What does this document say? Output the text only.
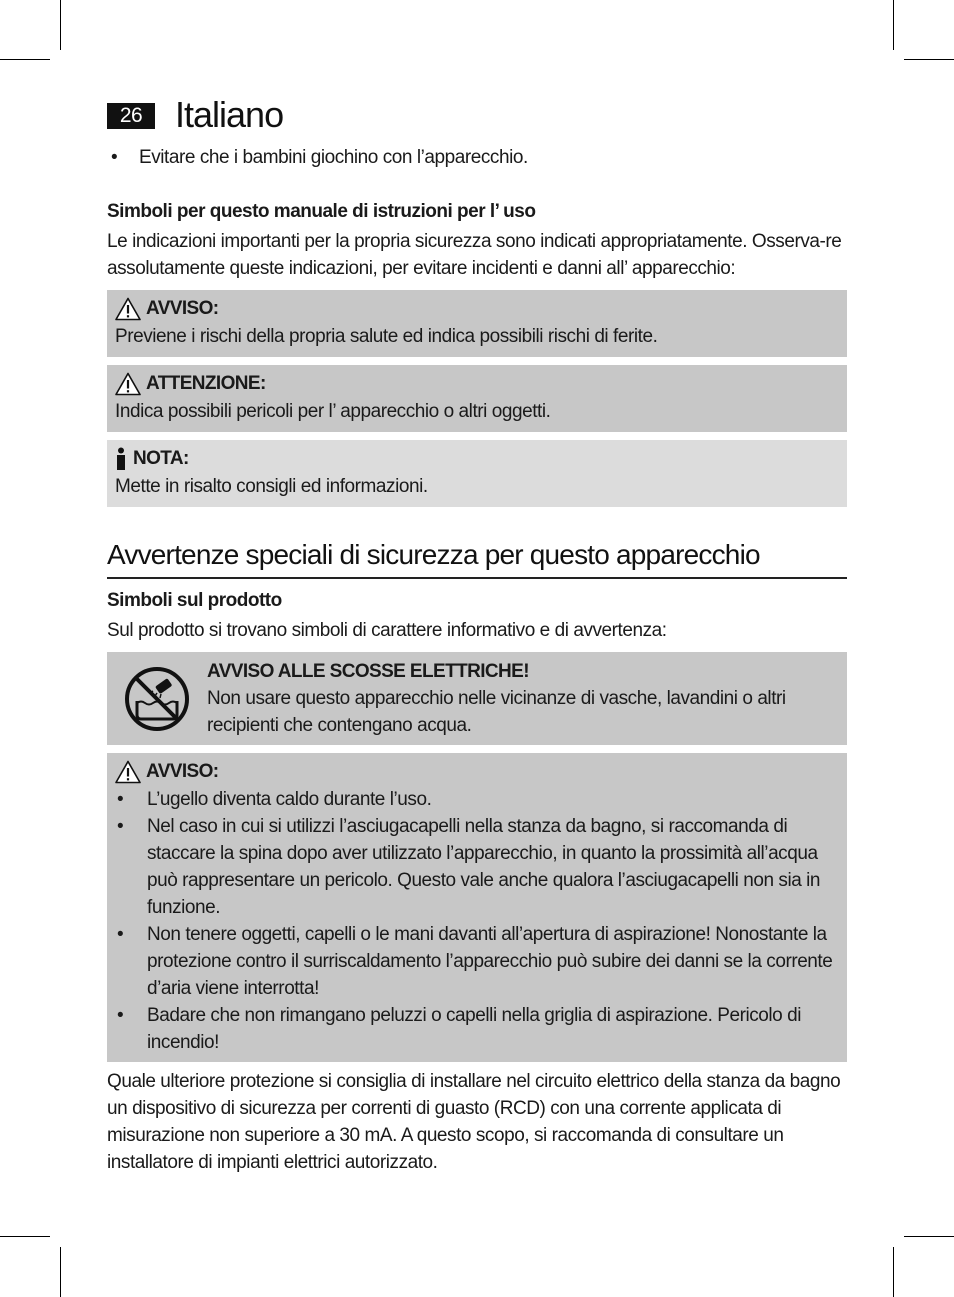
26 Italiano
• Evitare che i bambini giochino con l’apparecchio.

Simboli per questo manuale di istruzioni per l’ uso

Le indicazioni importanti per la propria sicurezza sono indicati appropriatamente. Osserva-re assolutamente queste indicazioni, per evitare incidenti e danni all’ apparecchio:

AVVISO:
Previene i rischi della propria salute ed indica possibili rischi di ferite.
ATTENZIONE:
Indica possibili pericoli per l’ apparecchio o altri oggetti.
NOTA:
Mette in risalto consigli ed informazioni.
Avvertenze speciali di sicurezza per questo apparecchio

Simboli sul prodotto

Sul prodotto si trovano simboli di carattere informativo e di avvertenza:

AVVISO ALLE SCOSSE ELETTRICHE!
Non usare questo apparecchio nelle vicinanze di vasche, lavandini o altri recipienti che contengano acqua.
AVVISO:
• L’ugello diventa caldo durante l’uso.
• Nel caso in cui si utilizzi l’asciugacapelli nella stanza da bagno, si raccomanda di staccare la spina dopo aver utilizzato l’apparecchio, in quanto la prossimità all’acqua può rappresentare un pericolo. Questo vale anche qualora l’asciugacapelli non sia in funzione.
• Non tenere oggetti, capelli o le mani davanti all’apertura di aspirazione! Nonostante la protezione contro il surriscaldamento l’apparecchio può subire dei danni se la corrente d’aria viene interrotta!
• Badare che non rimangano peluzzi o capelli nella griglia di aspirazione. Pericolo di incendio!

Quale ulteriore protezione si consiglia di installare nel circuito elettrico della stanza da bagno un dispositivo di sicurezza per correnti di guasto (RCD) con una corrente applicata di misurazione non superiore a 30 mA. A questo scopo, si raccomanda di consultare un installatore di impianti elettrici autorizzato.
